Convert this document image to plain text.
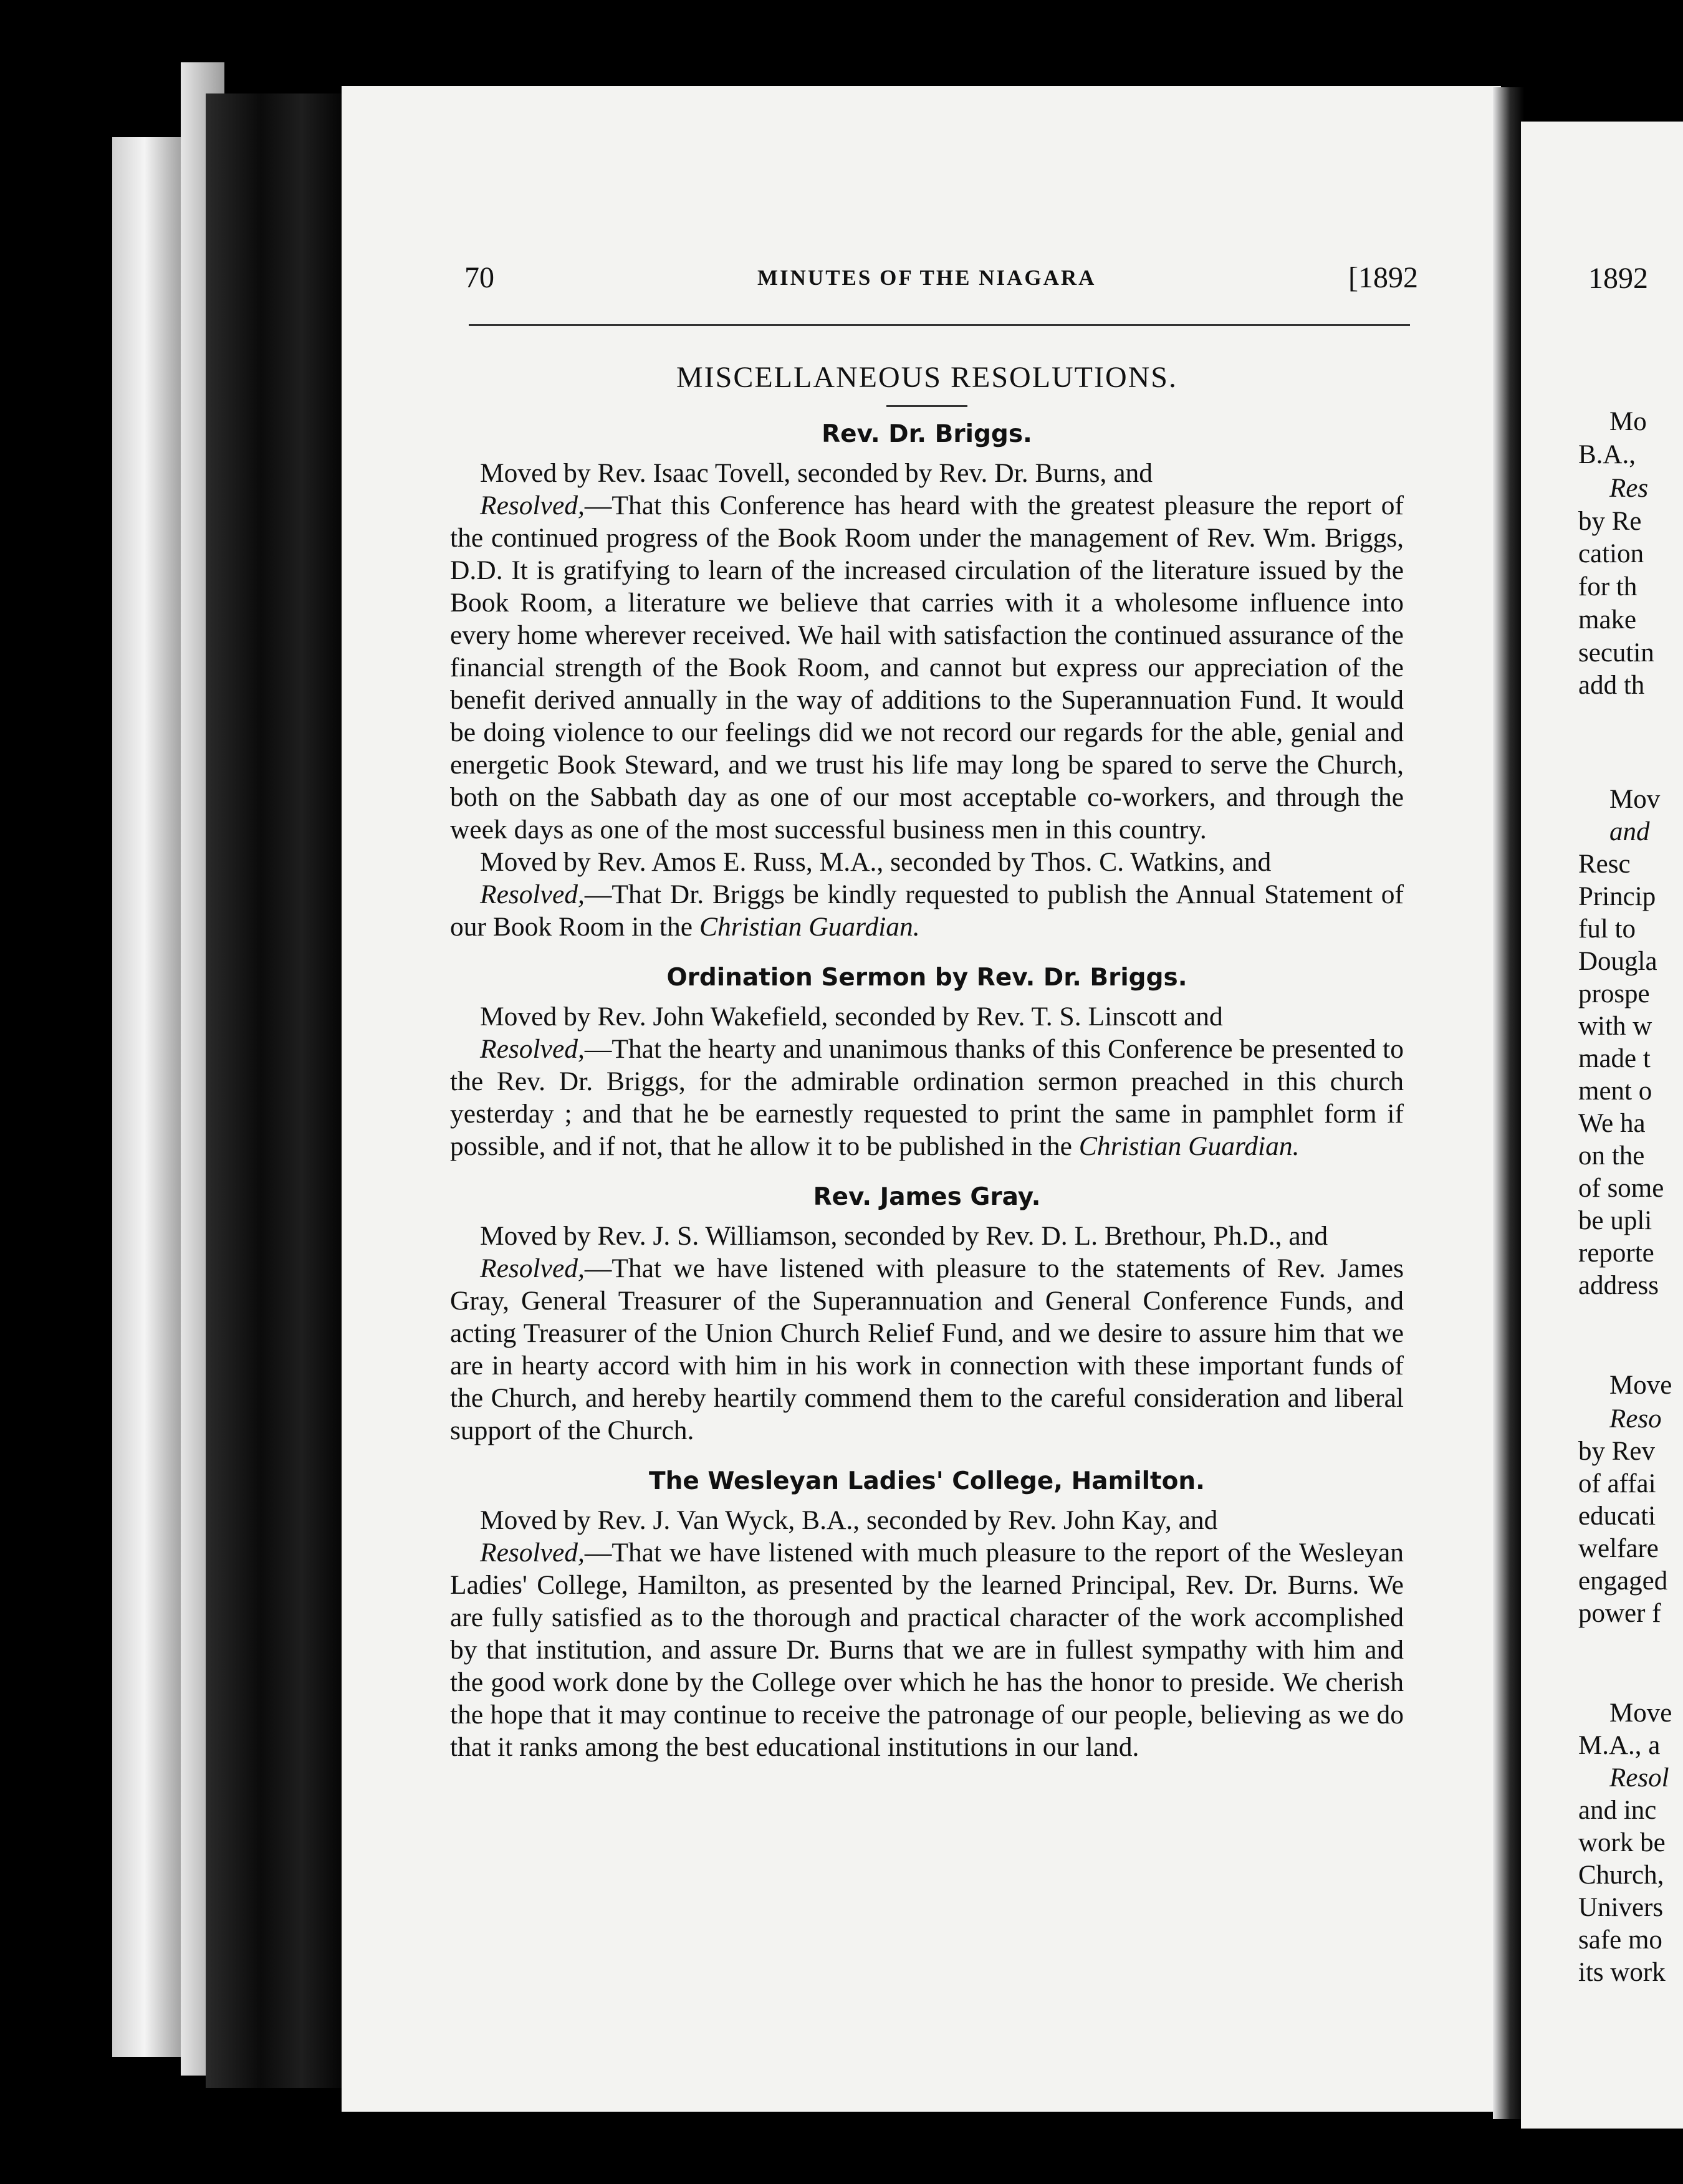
70	MINUTES OF THE NIAGARA	[1892
MISCELLANEOUS RESOLUTIONS.
Rev. Dr. Briggs.

Moved by Rev. Isaac Tovell, seconded by Rev. Dr. Burns, and

Resolved,—That this Conference has heard with the greatest pleasure the report of the continued progress of the Book Room under the management of Rev. Wm. Briggs, D.D. It is gratifying to learn of the increased circulation of the literature issued by the Book Room, a literature we believe that carries with it a wholesome influence into every home wherever received. We hail with satisfaction the continued assurance of the financial strength of the Book Room, and cannot but express our appreciation of the benefit derived annually in the way of additions to the Superannuation Fund. It would be doing violence to our feelings did we not record our regards for the able, genial and energetic Book Steward, and we trust his life may long be spared to serve the Church, both on the Sabbath day as one of our most acceptable co-workers, and through the week days as one of the most successful business men in this country.

Moved by Rev. Amos E. Russ, M.A., seconded by Thos. C. Watkins, and

Resolved,—That Dr. Briggs be kindly requested to publish the Annual Statement of our Book Room in the Christian Guardian.

Ordination Sermon by Rev. Dr. Briggs.

Moved by Rev. John Wakefield, seconded by Rev. T. S. Linscott and

Resolved,—That the hearty and unanimous thanks of this Conference be presented to the Rev. Dr. Briggs, for the admirable ordination sermon preached in this church yesterday ; and that he be earnestly requested to print the same in pamphlet form if possible, and if not, that he allow it to be published in the Christian Guardian.

Rev. James Gray.

Moved by Rev. J. S. Williamson, seconded by Rev. D. L. Brethour, Ph.D., and

Resolved,—That we have listened with pleasure to the statements of Rev. James Gray, General Treasurer of the Superannuation and General Conference Funds, and acting Treasurer of the Union Church Relief Fund, and we desire to assure him that we are in hearty accord with him in his work in connection with these important funds of the Church, and hereby heartily commend them to the careful consideration and liberal support of the Church.

The Wesleyan Ladies' College, Hamilton.

Moved by Rev. J. Van Wyck, B.A., seconded by Rev. John Kay, and

Resolved,—That we have listened with much pleasure to the report of the Wesleyan Ladies' College, Hamilton, as presented by the learned Principal, Rev. Dr. Burns. We are fully satisfied as to the thorough and practical character of the work accomplished by that institution, and assure Dr. Burns that we are in fullest sympathy with him and the good work done by the College over which he has the honor to preside. We cherish the hope that it may continue to receive the patronage of our people, believing as we do that it ranks among the best educational institutions in our land.

1892
Mo
B.A.,
Res
by Re
cation
for th
make
secutin
add th
Mov
and
Resc
Princip
ful to
Dougla
prospe
with w
made t
ment o
We ha
on the
of some
be upli
reporte
address
Move
Reso
by Rev
of affai
educati
welfare
engaged
power f
Move
M.A., a
Resol
and inc
work be
Church,
Univers
safe mo
its work
